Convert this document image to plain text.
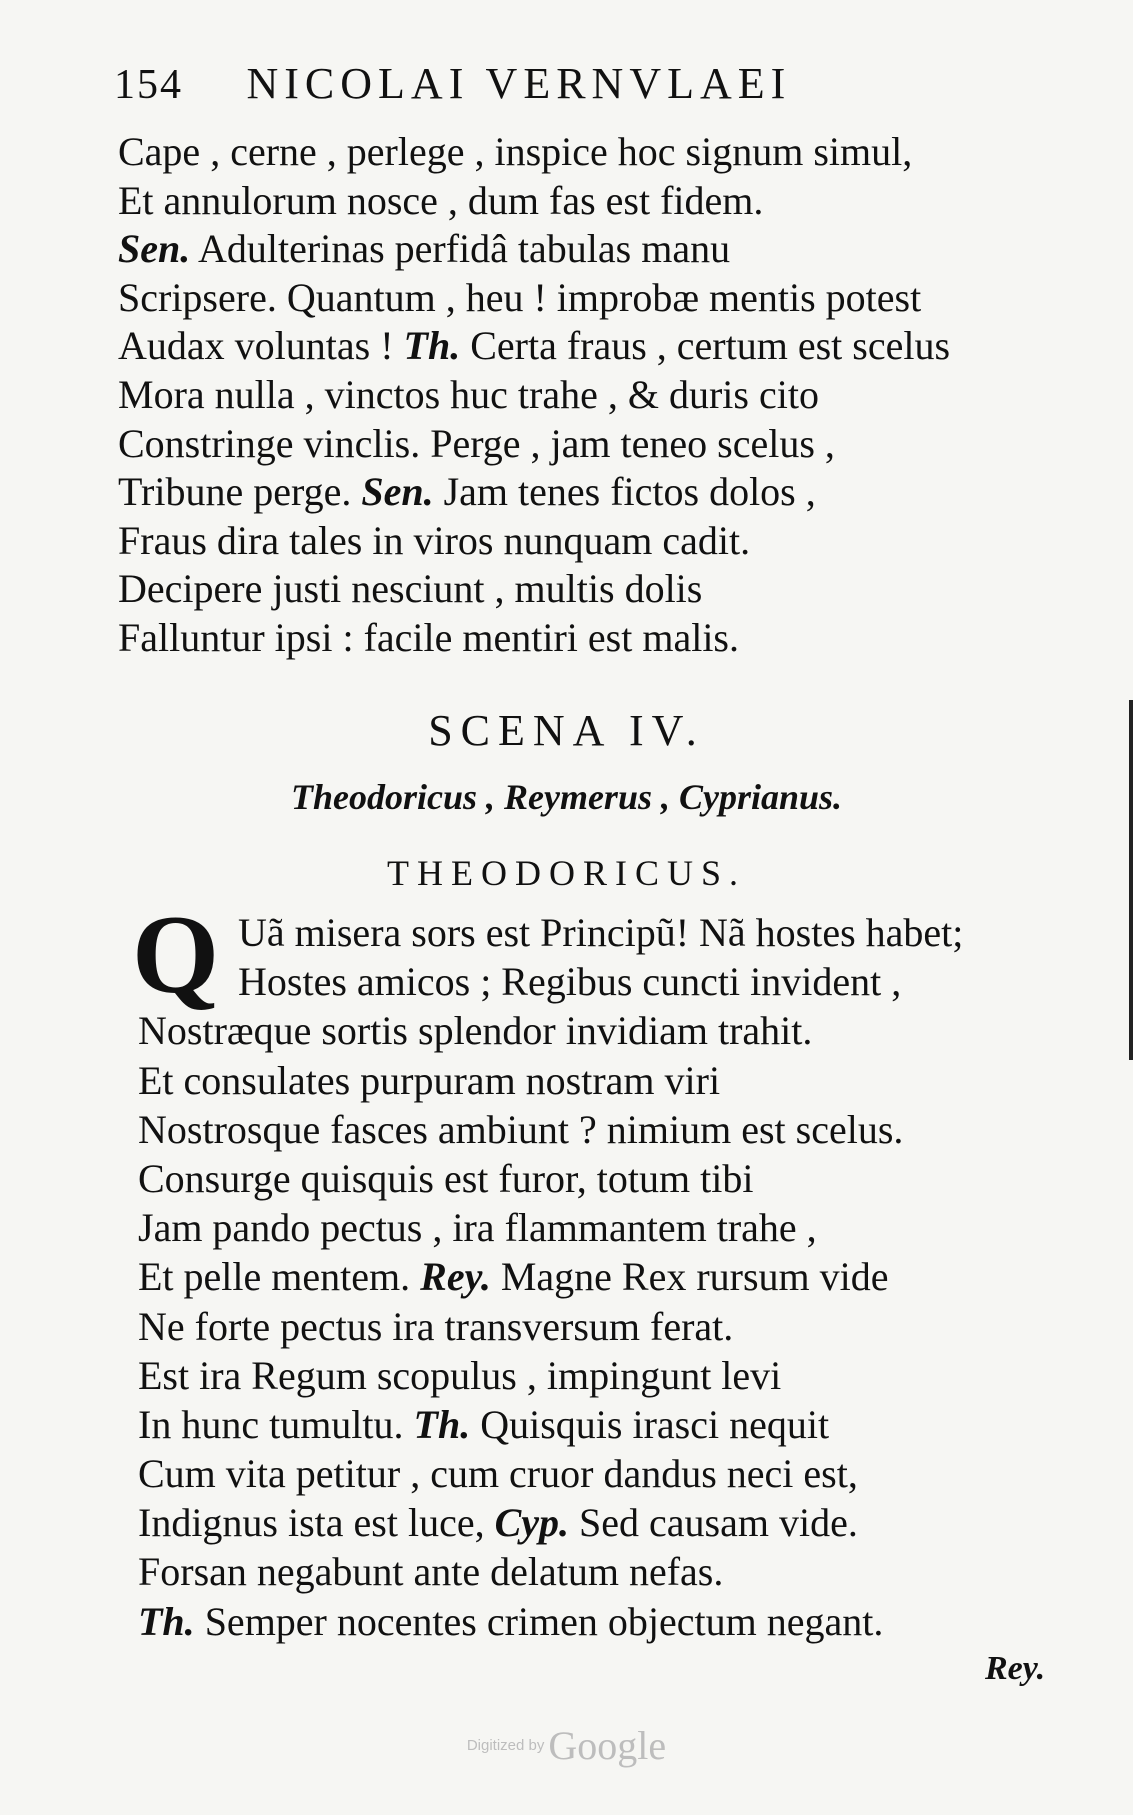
154 NICOLAI VERNVLAEI
Cape , cerne , perlege , inspice hoc signum simul,
Et annulorum nosce , dum fas est fidem.
Sen. Adulterinas perfidâ tabulas manu
Scripsere. Quantum , heu ! improbæ mentis potest
Audax voluntas ! Th. Certa fraus , certum est scelus
Mora nulla , vinctos huc trahe , & duris cito
Constringe vinclis. Perge , jam teneo scelus ,
Tribune perge. Sen. Jam tenes fictos dolos ,
Fraus dira tales in viros nunquam cadit.
Decipere justi nesciunt , multis dolis
Falluntur ipsi : facile mentiri est malis.
SCENA IV.
Theodoricus , Reymerus , Cyprianus.
THEODORICUS.
Q Uã misera sors est Principũ! Nã hostes habet;
Hostes amicos ; Regibus cuncti invident ,
Nostræque sortis splendor invidiam trahit.
Et consulates purpuram nostram viri
Nostrosque fasces ambiunt ? nimium est scelus.
Consurge quisquis est furor, totum tibi
Jam pando pectus , ira flammantem trahe ,
Et pelle mentem. Rey. Magne Rex rursum vide
Ne forte pectus ira transversum ferat.
Est ira Regum scopulus , impingunt levi
In hunc tumultu. Th. Quisquis irasci nequit
Cum vita petitur , cum cruor dandus neci est,
Indignus ista est luce, Cyp. Sed causam vide.
Forsan negabunt ante delatum nefas.
Th. Semper nocentes crimen objectum negant.
Rey.
Digitized by Google
